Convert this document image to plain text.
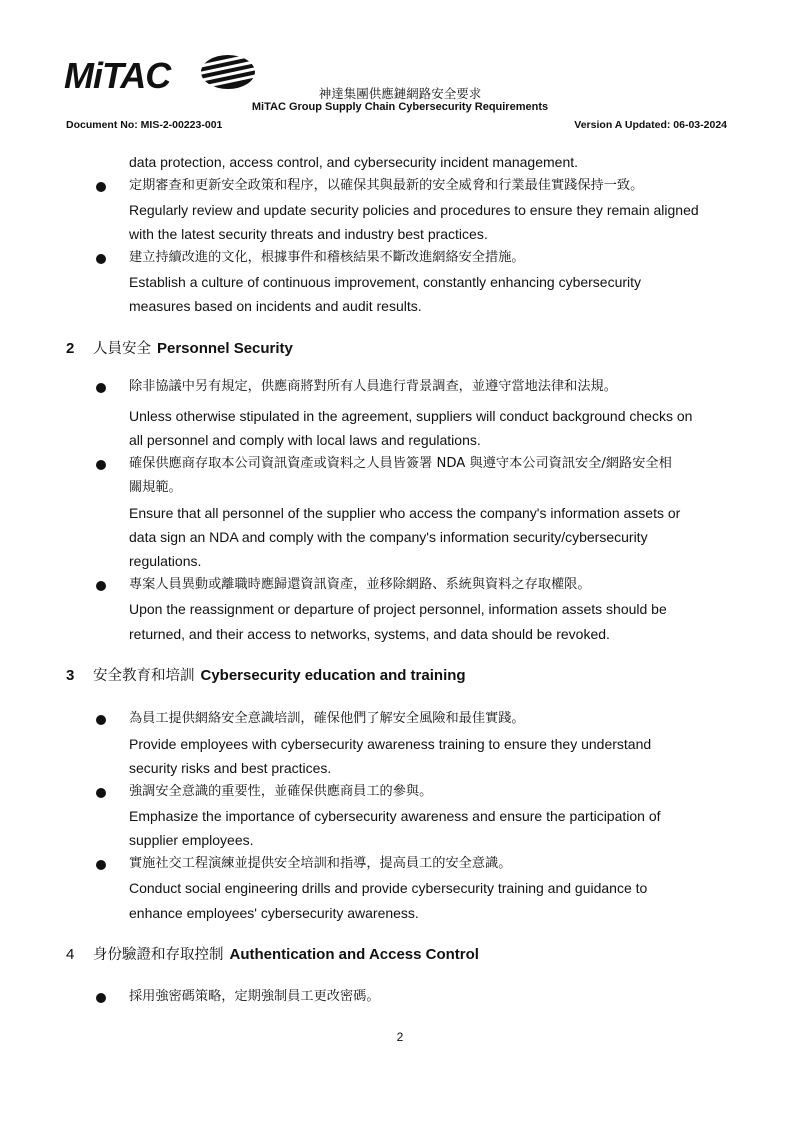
MiTAC	神達集團供應鏈網路安全要求
MiTAC Group Supply Chain Cybersecurity Requirements
Document No: MIS-2-00223-001	Version A Updated: 06-03-2024
data protection, access control, and cybersecurity incident management.
定期審查和更新安全政策和程序，以確保其與最新的安全威脅和行業最佳實踐保持一致。
Regularly review and update security policies and procedures to ensure they remain aligned
with the latest security threats and industry best practices.
建立持續改進的文化，根據事件和稽核結果不斷改進網絡安全措施。
Establish a culture of continuous improvement, constantly enhancing cybersecurity
measures based on incidents and audit results.
2 人員安全 Personnel Security
除非協議中另有規定，供應商將對所有人員進行背景調查，並遵守當地法律和法規。
Unless otherwise stipulated in the agreement, suppliers will conduct background checks on
all personnel and comply with local laws and regulations.
確保供應商存取本公司資訊資產或資料之人員皆簽署 NDA 與遵守本公司資訊安全/網路安全相
關規範。
Ensure that all personnel of the supplier who access the company's information assets or
data sign an NDA and comply with the company's information security/cybersecurity
regulations.
專案人員異動或離職時應歸還資訊資產，並移除網路、系統與資料之存取權限。
Upon the reassignment or departure of project personnel, information assets should be
returned, and their access to networks, systems, and data should be revoked.
3 安全教育和培訓 Cybersecurity education and training
為員工提供網絡安全意識培訓，確保他們了解安全風險和最佳實踐。
Provide employees with cybersecurity awareness training to ensure they understand
security risks and best practices.
強調安全意識的重要性，並確保供應商員工的參與。
Emphasize the importance of cybersecurity awareness and ensure the participation of
supplier employees.
實施社交工程演練並提供安全培訓和指導，提高員工的安全意識。
Conduct social engineering drills and provide cybersecurity training and guidance to
enhance employees' cybersecurity awareness.
4 身份驗證和存取控制 Authentication and Access Control
採用強密碼策略，定期強制員工更改密碼。
2
